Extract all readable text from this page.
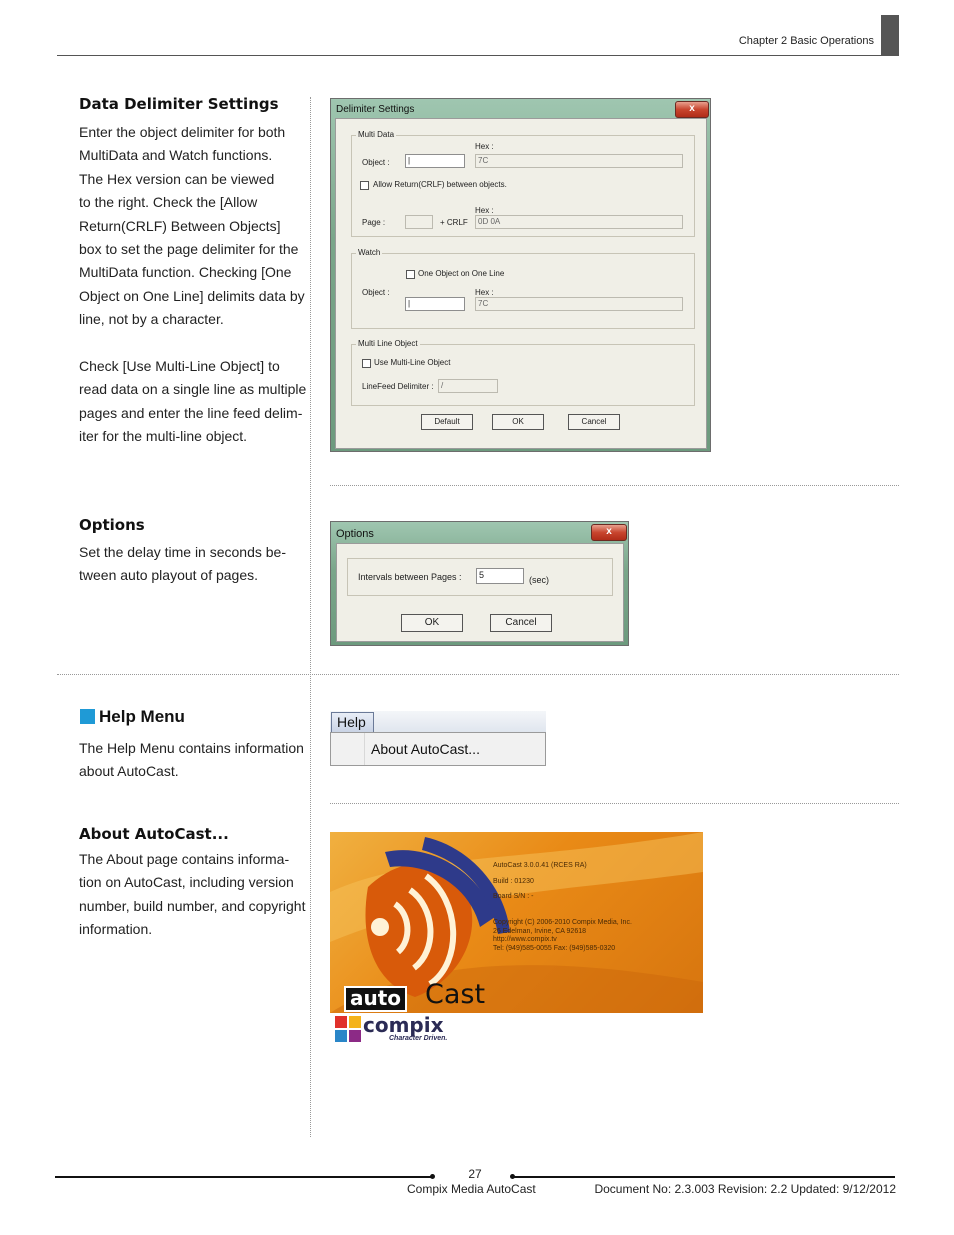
Chapter 2 Basic Operations
Data Delimiter Settings
Enter the object delimiter for both
MultiData and Watch functions.
The Hex version can be viewed
to the right. Check the [Allow
Return(CRLF) Between Objects]
box to set the page delimiter for the
MultiData function. Checking [One
Object on One Line] delimits data by
line, not by a character.
Check [Use Multi-Line Object] to
read data on a single line as multiple
pages and enter the line feed delim-
iter for the multi-line object.
Delimiter Settings	x
Multi Data
Hex :
Object :	|	7C
Allow Return(CRLF) between objects.
Hex :
Page :	+ CRLF	0D 0A
Watch
One Object on One Line
Hex :
Object :
|	7C
Multi Line Object
Use Multi-Line Object
LineFeed Delimiter : /
Default	OK	Cancel
Options
Set the delay time in seconds be-
tween auto playout of pages.
Options	x
Intervals between Pages :	5	(sec)
OK	Cancel
Help Menu
The Help Menu contains information
about AutoCast.
Help
About AutoCast...
About AutoCast...
The About page contains informa-
tion on AutoCast, including version
number, build number, and copyright
information.
AutoCast 3.0.0.41 (RCES RA)
Build : 01230
Board S/N : -
Copyright (C) 2006-2010 Compix Media, Inc.
26 Edelman, Irvine, CA 92618
http://www.compix.tv
Tel: (949)585-0055 Fax: (949)585-0320
auto Cast
compix
Character Driven.
27
Compix Media AutoCast	Document No: 2.3.003 Revision: 2.2 Updated: 9/12/2012
